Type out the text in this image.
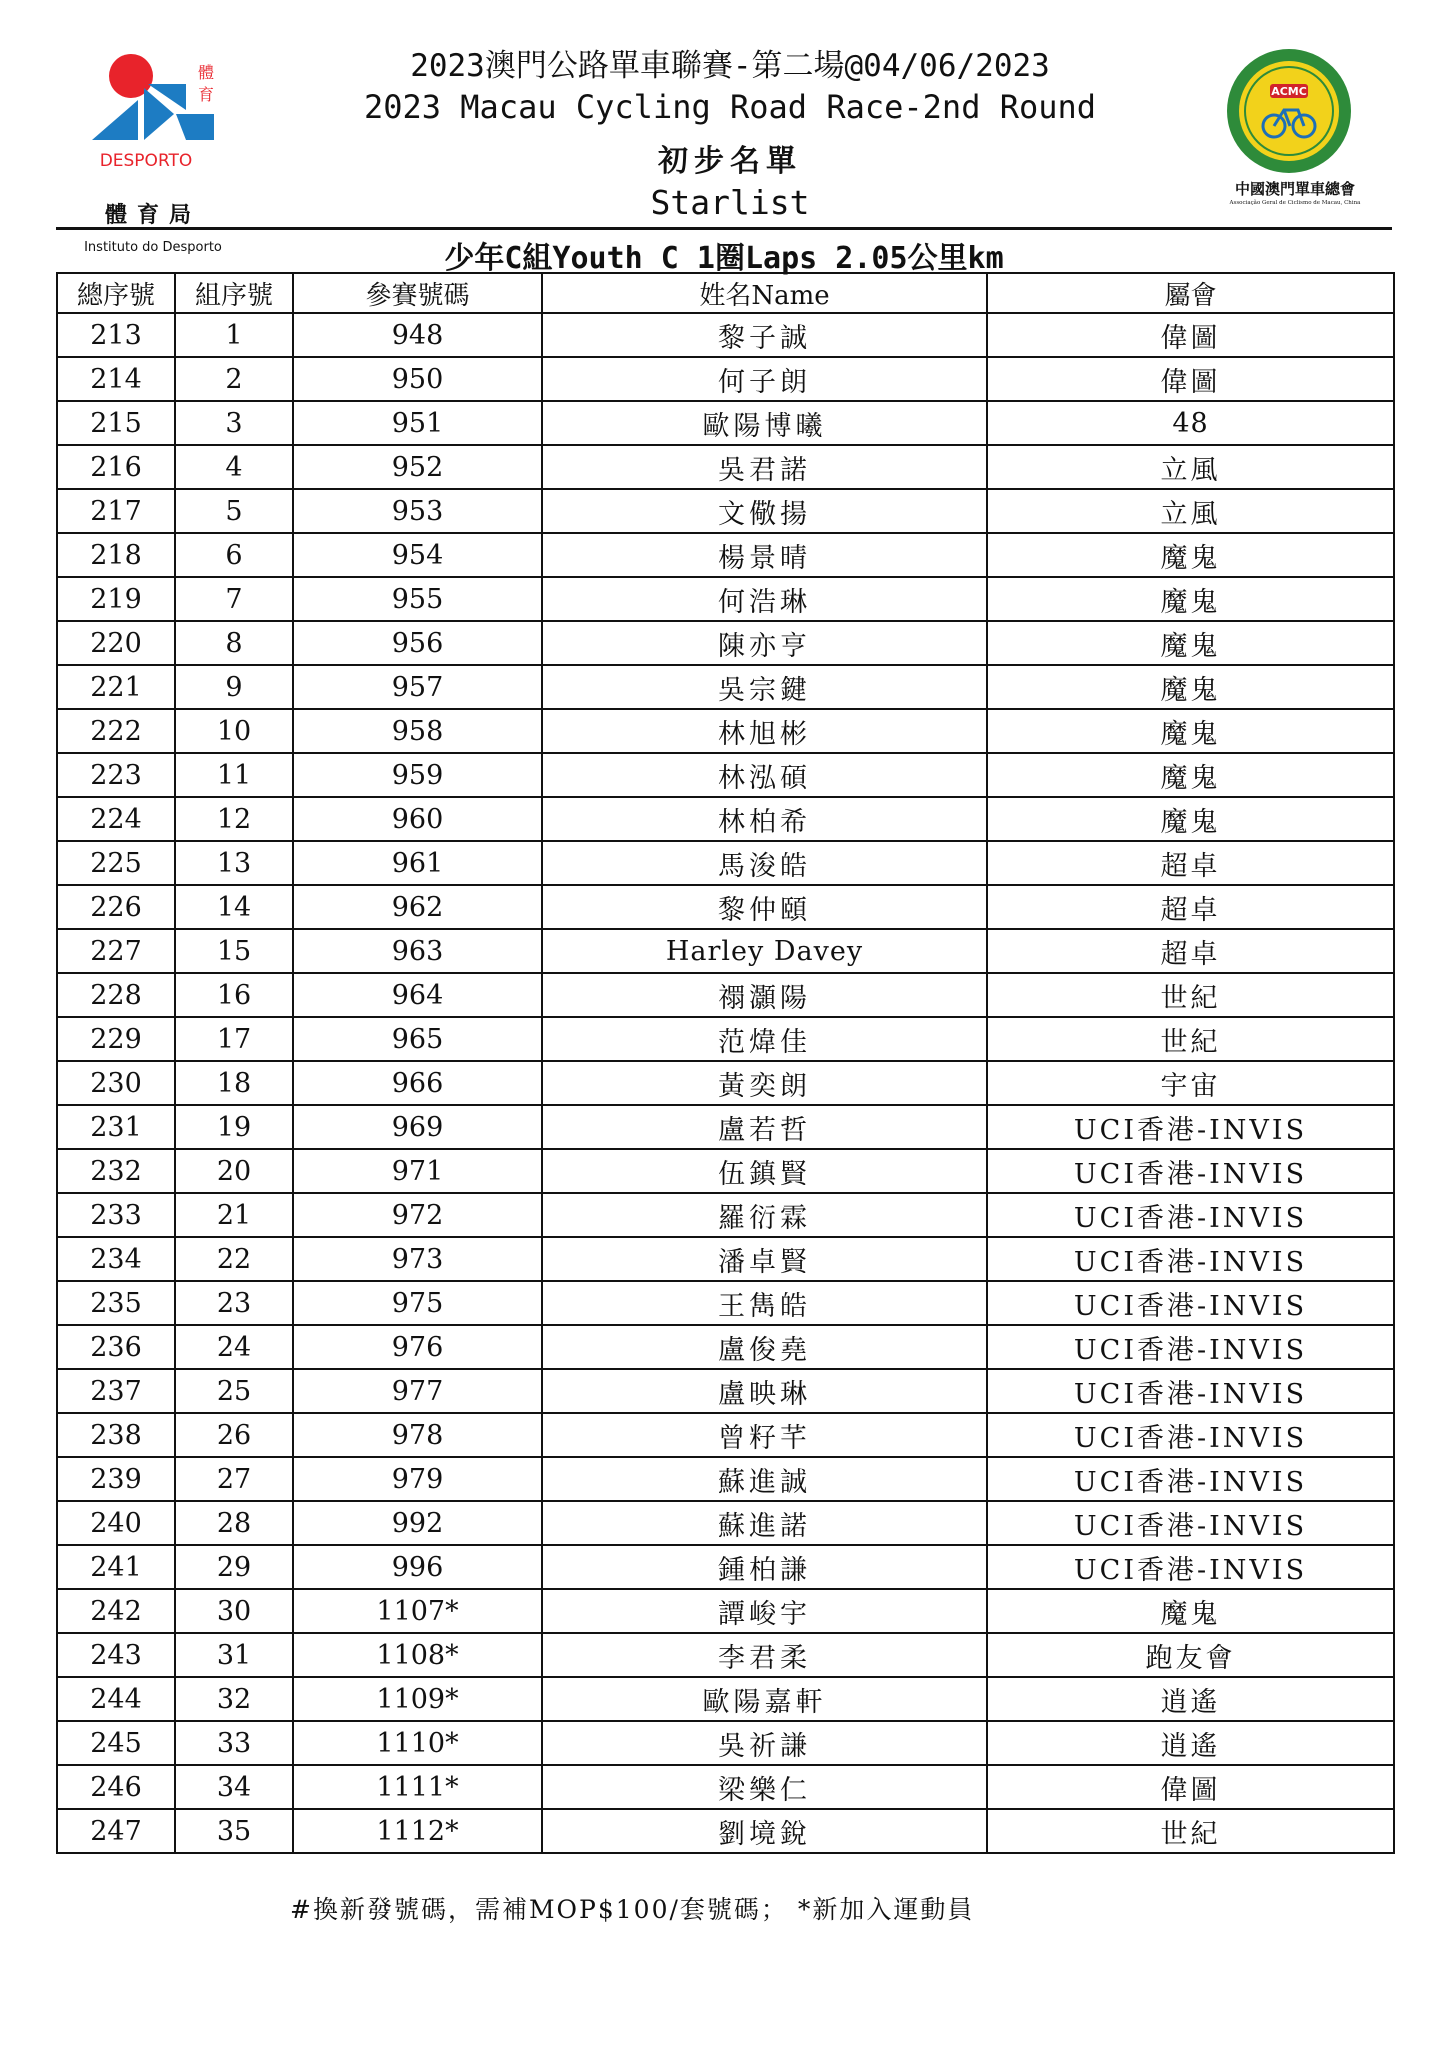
體
育
DESPORTO
體育局
Instituto do Desporto
2023澳門公路單車聯賽-第二場@04/06/2023
2023 Macau Cycling Road Race-2nd Round
初步名單
Starlist
ACMC
中國澳門單車總會
Associação Geral de Ciclismo de Macau, China
少年C組Youth C 1圈Laps 2.05公里km
總序號	組序號	參賽號碼	姓名Name	屬會
213	1	948	黎子誠	偉圖
214	2	950	何子朗	偉圖
215	3	951	歐陽博曦	48
216	4	952	吳君諾	立風
217	5	953	文儆揚	立風
218	6	954	楊景晴	魔鬼
219	7	955	何浩琳	魔鬼
220	8	956	陳亦亨	魔鬼
221	9	957	吳宗鍵	魔鬼
222	10	958	林旭彬	魔鬼
223	11	959	林泓碩	魔鬼
224	12	960	林柏希	魔鬼
225	13	961	馬浚皓	超卓
226	14	962	黎仲頤	超卓
227	15	963	Harley Davey	超卓
228	16	964	禤灝陽	世紀
229	17	965	范煒佳	世紀
230	18	966	黃奕朗	宇宙
231	19	969	盧若哲	UCI香港-INVIS
232	20	971	伍鎮賢	UCI香港-INVIS
233	21	972	羅衍霖	UCI香港-INVIS
234	22	973	潘卓賢	UCI香港-INVIS
235	23	975	王雋皓	UCI香港-INVIS
236	24	976	盧俊堯	UCI香港-INVIS
237	25	977	盧映琳	UCI香港-INVIS
238	26	978	曾籽芊	UCI香港-INVIS
239	27	979	蘇進誠	UCI香港-INVIS
240	28	992	蘇進諾	UCI香港-INVIS
241	29	996	鍾柏謙	UCI香港-INVIS
242	30	1107*	譚峻宇	魔鬼
243	31	1108*	李君柔	跑友會
244	32	1109*	歐陽嘉軒	逍遙
245	33	1110*	吳祈謙	逍遙
246	34	1111*	梁樂仁	偉圖
247	35	1112*	劉境銳	世紀
#換新發號碼，需補MOP$100/套號碼； *新加入運動員
